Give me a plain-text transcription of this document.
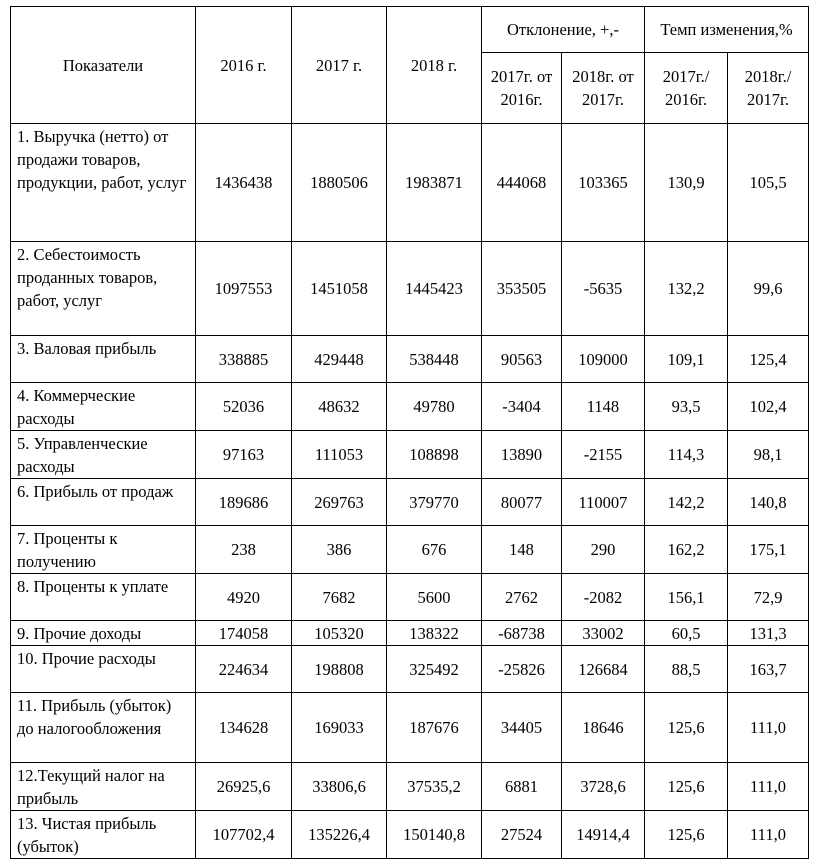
Показатели	2016 г.	2017 г.	2018 г.	Отклонение, +,-		Темп изменения,%	
				2017г. от 2016г.	2018г. от 2017г.	2017г./ 2016г.	2018г./ 2017г.
1. Выручка (нетто) от продажи товаров, продукции, работ, услуг	1436438	1880506	1983871	444068	103365	130,9	105,5
2. Себестоимость проданных товаров, работ, услуг	1097553	1451058	1445423	353505	-5635	132,2	99,6
3. Валовая прибыль	338885	429448	538448	90563	109000	109,1	125,4
4. Коммерческие расходы	52036	48632	49780	-3404	1148	93,5	102,4
5. Управленческие расходы	97163	111053	108898	13890	-2155	114,3	98,1
6. Прибыль от продаж	189686	269763	379770	80077	110007	142,2	140,8
7. Проценты к получению	238	386	676	148	290	162,2	175,1
8. Проценты к уплате	4920	7682	5600	2762	-2082	156,1	72,9
9. Прочие доходы	174058	105320	138322	-68738	33002	60,5	131,3
10. Прочие расходы	224634	198808	325492	-25826	126684	88,5	163,7
11. Прибыль (убыток) до налогообложения	134628	169033	187676	34405	18646	125,6	111,0
12.Текущий налог на прибыль	26925,6	33806,6	37535,2	6881	3728,6	125,6	111,0
13. Чистая прибыль (убыток)	107702,4	135226,4	150140,8	27524	14914,4	125,6	111,0
